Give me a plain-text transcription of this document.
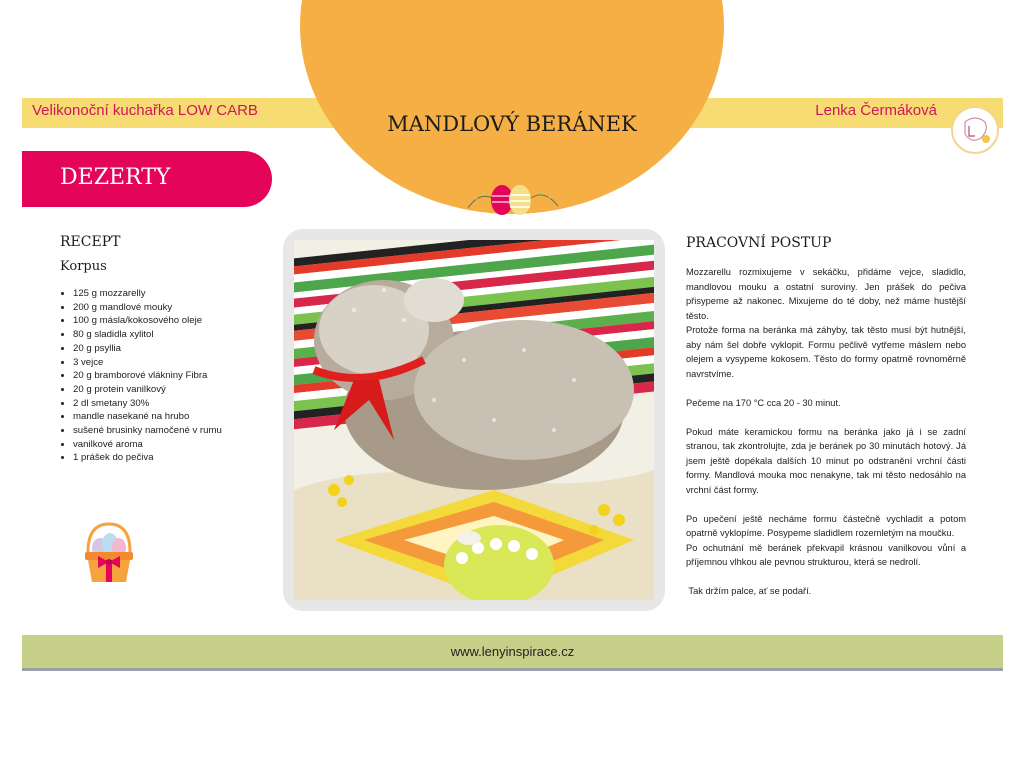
Velikonoční kuchařka LOW CARB
MANDLOVÝ BERÁNEK
Lenka Čermáková
DEZERTY
RECEPT
Korpus
• 125 g mozzarelly
• 200 g mandlové mouky
• 100 g másla/kokosového oleje
• 80 g sladidla xylitol
• 20 g psyllia
• 3 vejce
• 20 g bramborové vlákniny Fibra
• 20 g protein vanilkový
• 2 dl smetany 30%
• mandle nasekané na hrubo
• sušené brusinky namočené v rumu
• vanilkové aroma
• 1 prášek do pečiva
PRACOVNÍ POSTUP

Mozzarellu rozmixujeme v sekáčku, přidáme vejce, sladidlo, mandlovou mouku a ostatní suroviny. Jen prášek do pečiva přisypeme až nakonec. Mixujeme do té doby, než máme hustější těsto.

Protože forma na beránka má záhyby, tak těsto musí být hutnější, aby nám šel dobře vyklopit. Formu pečlivě vytřeme máslem nebo olejem a vysypeme kokosem. Těsto do formy opatrně rovnoměrně navrstvíme.

Pečeme na 170 °C cca 20 - 30 minut.

Pokud máte keramickou formu na beránka jako já i se zadní stranou, tak zkontrolujte, zda je beránek po 30 minutách hotový. Já jsem ještě dopékala dalších 10 minut po odstranění vrchní části formy. Mandlová mouka moc nenakyne, tak mi těsto nedosáhlo na vrchní část formy.

Po upečení ještě necháme formu částečně vychladit a potom opatrně vyklopíme. Posypeme sladidlem rozemletým na moučku.

Po ochutnání mě beránek překvapil krásnou vanilkovou vůní a příjemnou vlhkou ale pevnou strukturou, která se nedrolí.

Tak držím palce, ať se podaří.

www.lenyinspirace.cz
